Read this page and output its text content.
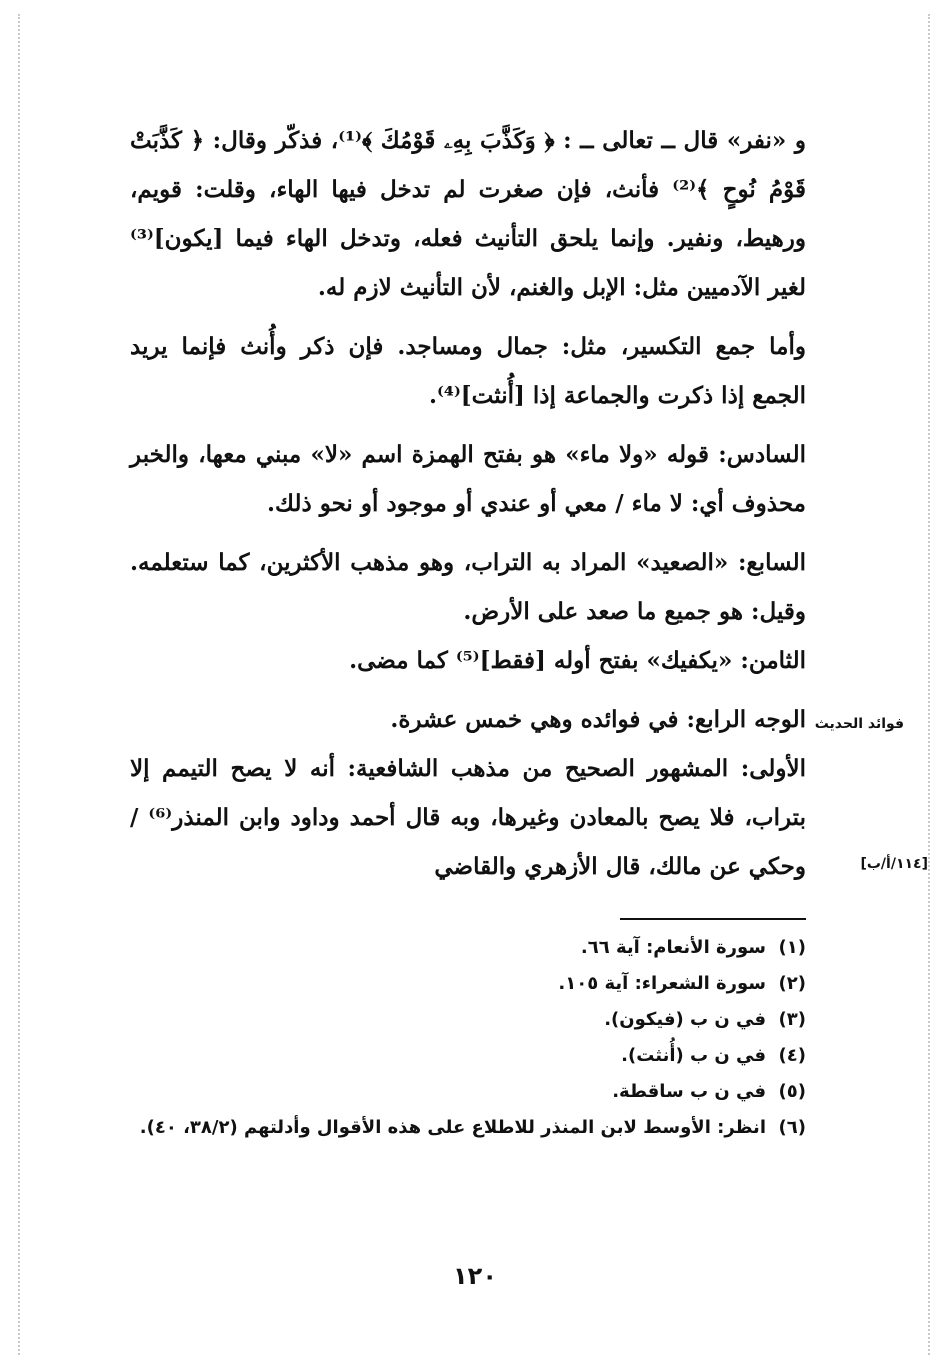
و «نفر» قال ــ تعالى ــ : ﴿ وَكَذَّبَ بِهِۦ قَوْمُكَ ﴾⁽¹⁾، فذكّر وقال: ﴿ كَذَّبَتْ قَوْمُ نُوحٍ ﴾⁽²⁾ فأنث، فإن صغرت لم تدخل فيها الهاء، وقلت: قويم، ورهيط، ونفير. وإنما يلحق التأنيث فعله، وتدخل الهاء فيما [يكون]⁽³⁾ لغير الآدميين مثل: الإبل والغنم، لأن التأنيث لازم له.

وأما جمع التكسير، مثل: جمال ومساجد. فإن ذكر وأُنث فإنما يريد الجمع إذا ذكرت والجماعة إذا [أُنثت]⁽⁴⁾.

السادس: قوله «ولا ماء» هو بفتح الهمزة اسم «لا» مبني معها، والخبر محذوف أي: لا ماء / معي أو عندي أو موجود أو نحو ذلك.

السابع: «الصعيد» المراد به التراب، وهو مذهب الأكثرين، كما ستعلمه. وقيل: هو جميع ما صعد على الأرض.

الثامن: «يكفيك» بفتح أوله [فقط]⁽⁵⁾ كما مضى.

الوجه الرابع: في فوائده وهي خمس عشرة.

الأولى: المشهور الصحيح من مذهب الشافعية: أنه لا يصح التيمم إلا بتراب، فلا يصح بالمعادن وغيرها، وبه قال أحمد وداود وابن المنذر⁽⁶⁾ / وحكي عن مالك، قال الأزهري والقاضي

فوائد الحديث
[١١٤/أ/ب]
(١)
سورة الأنعام: آية ٦٦.
(٢)
سورة الشعراء: آية ١٠٥.
(٣)
في ن ب (فيكون).
(٤)
في ن ب (أُنثت).
(٥)
في ن ب ساقطة.
(٦)
انظر: الأوسط لابن المنذر للاطلاع على هذه الأقوال وأدلتهم (٣٨/٢، ٤٠).
١٢٠
